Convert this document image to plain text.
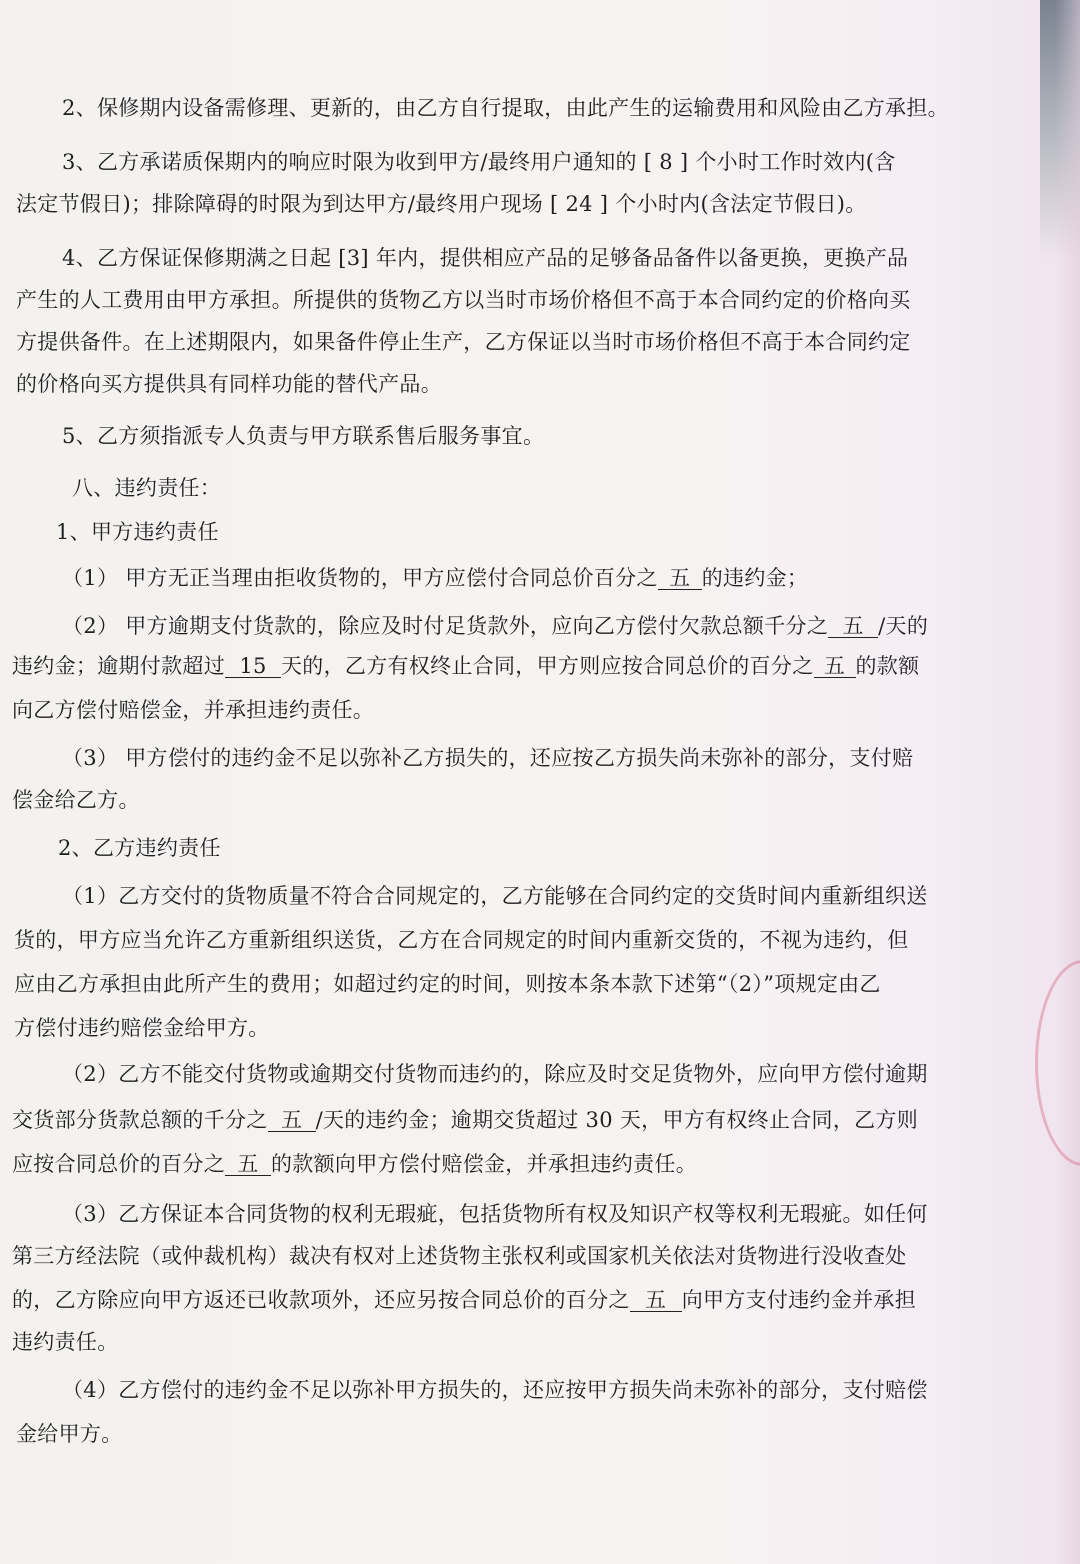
2、保修期内设备需修理、更新的，由乙方自行提取，由此产生的运输费用和风险由乙方承担。
3、乙方承诺质保期内的响应时限为收到甲方/最终用户通知的 [ 8 ] 个小时工作时效内(含
法定节假日)；排除障碍的时限为到达甲方/最终用户现场 [ 24 ] 个小时内(含法定节假日)。
4、乙方保证保修期满之日起 [3] 年内，提供相应产品的足够备品备件以备更换，更换产品
产生的人工费用由甲方承担。所提供的货物乙方以当时市场价格但不高于本合同约定的价格向买
方提供备件。在上述期限内，如果备件停止生产，乙方保证以当时市场价格但不高于本合同约定
的价格向买方提供具有同样功能的替代产品。
5、乙方须指派专人负责与甲方联系售后服务事宜。
八、违约责任：
1、甲方违约责任
（1） 甲方无正当理由拒收货物的，甲方应偿付合同总价百分之 五 的违约金；
（2） 甲方逾期支付货款的，除应及时付足货款外，应向乙方偿付欠款总额千分之 五 /天的
违约金；逾期付款超过 15 天的，乙方有权终止合同，甲方则应按合同总价的百分之 五 的款额
向乙方偿付赔偿金，并承担违约责任。
（3） 甲方偿付的违约金不足以弥补乙方损失的，还应按乙方损失尚未弥补的部分，支付赔
偿金给乙方。
2、乙方违约责任
（1）乙方交付的货物质量不符合合同规定的，乙方能够在合同约定的交货时间内重新组织送
货的，甲方应当允许乙方重新组织送货，乙方在合同规定的时间内重新交货的，不视为违约，但
应由乙方承担由此所产生的费用；如超过约定的时间，则按本条本款下述第“（2）”项规定由乙
方偿付违约赔偿金给甲方。
（2）乙方不能交付货物或逾期交付货物而违约的，除应及时交足货物外，应向甲方偿付逾期
交货部分货款总额的千分之 五 /天的违约金；逾期交货超过 30 天，甲方有权终止合同，乙方则
应按合同总价的百分之 五 的款额向甲方偿付赔偿金，并承担违约责任。
（3）乙方保证本合同货物的权利无瑕疵，包括货物所有权及知识产权等权利无瑕疵。如任何
第三方经法院（或仲裁机构）裁决有权对上述货物主张权利或国家机关依法对货物进行没收查处
的，乙方除应向甲方返还已收款项外，还应另按合同总价的百分之 五 向甲方支付违约金并承担
违约责任。
（4）乙方偿付的违约金不足以弥补甲方损失的，还应按甲方损失尚未弥补的部分，支付赔偿
金给甲方。
